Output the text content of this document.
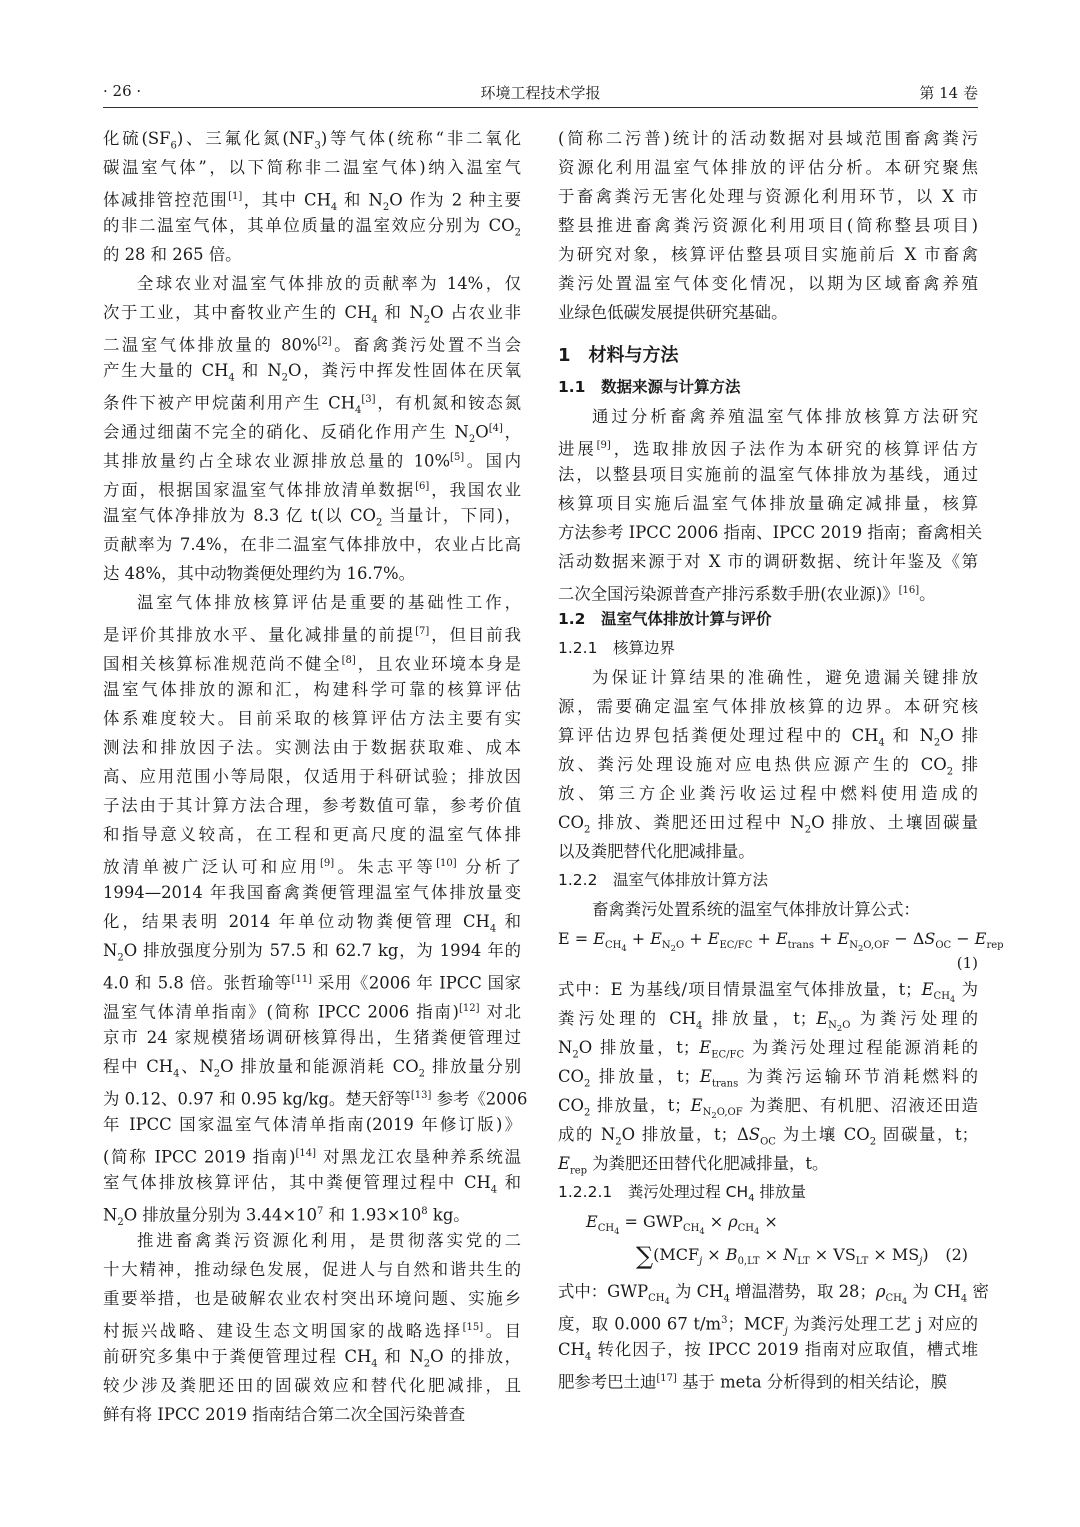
· 26 ·	环境工程技术学报	第 14 卷
化硫$(SF_6)$、三氟化氮$(NF_3)$等气体(统称“非二氧化
碳温室气体”，以下简称非二温室气体)纳入温室气
体减排管控范围[1]，其中 $CH_4$ 和 $N_2O$ 作为 2 种主要
的非二温室气体，其单位质量的温室效应分别为 $CO_2$
的 28 和 265 倍。
全球农业对温室气体排放的贡献率为 14%，仅
次于工业，其中畜牧业产生的 $CH_4$ 和 $N_2O$ 占农业非
二温室气体排放量的 80%[2]。畜禽粪污处置不当会
产生大量的 $CH_4$ 和 $N_2O$，粪污中挥发性固体在厌氧
条件下被产甲烷菌利用产生 $CH_4[3]$，有机氮和铵态氮
会通过细菌不完全的硝化、反硝化作用产生 $N_2O[4]$，
其排放量约占全球农业源排放总量的 10%[5]。国内
方面，根据国家温室气体排放清单数据[6]，我国农业
温室气体净排放为 8.3 亿 t(以 $CO_2$ 当量计，下同)，
贡献率为 7.4%，在非二温室气体排放中，农业占比高
达 48%，其中动物粪便处理约为 16.7%。
温室气体排放核算评估是重要的基础性工作，
是评价其排放水平、量化减排量的前提[7]，但目前我
国相关核算标准规范尚不健全[8]，且农业环境本身是
温室气体排放的源和汇，构建科学可靠的核算评估
体系难度较大。目前采取的核算评估方法主要有实
测法和排放因子法。实测法由于数据获取难、成本
高、应用范围小等局限，仅适用于科研试验；排放因
子法由于其计算方法合理，参考数值可靠，参考价值
和指导意义较高，在工程和更高尺度的温室气体排
放清单被广泛认可和应用[9]。朱志平等[10] 分析了
1994—2014 年我国畜禽粪便管理温室气体排放量变
化，结果表明 2014 年单位动物粪便管理 $CH_4$ 和
$N_2O$ 排放强度分别为 57.5 和 62.7 kg，为 1994 年的
4.0 和 5.8 倍。张哲瑜等[11] 采用《2006 年 IPCC 国家
温室气体清单指南》(简称 IPCC 2006 指南)[12] 对北
京市 24 家规模猪场调研核算得出，生猪粪便管理过
程中 $CH_4$、$N_2O$ 排放量和能源消耗 $CO_2$ 排放量分别
为 0.12、0.97 和 0.95 kg/kg。楚天舒等[13] 参考《2006
年 IPCC 国家温室气体清单指南(2019 年修订版)》
(简称 IPCC 2019 指南)[14] 对黑龙江农垦种养系统温
室气体排放核算评估，其中粪便管理过程中 $CH_4$ 和
$N_2O$ 排放量分别为 $3.44\times 10^7$ 和 $1.93\times 10^8$ kg。
推进畜禽粪污资源化利用，是贯彻落实党的二
十大精神，推动绿色发展，促进人与自然和谐共生的
重要举措，也是破解农业农村突出环境问题、实施乡
村振兴战略、建设生态文明国家的战略选择[15]。目
前研究多集中于粪便管理过程 $CH_4$ 和 $N_2O$ 的排放，
较少涉及粪肥还田的固碳效应和替代化肥减排，且
鲜有将 IPCC 2019 指南结合第二次全国污染普查
(简称二污普)统计的活动数据对县域范围畜禽粪污
资源化利用温室气体排放的评估分析。本研究聚焦
于畜禽粪污无害化处理与资源化利用环节，以 X 市
整县推进畜禽粪污资源化利用项目(简称整县项目)
为研究对象，核算评估整县项目实施前后 X 市畜禽
粪污处置温室气体变化情况，以期为区域畜禽养殖
业绿色低碳发展提供研究基础。
1　材料与方法
1.1　数据来源与计算方法
通过分析畜禽养殖温室气体排放核算方法研究
进展[9]，选取排放因子法作为本研究的核算评估方
法，以整县项目实施前的温室气体排放为基线，通过
核算项目实施后温室气体排放量确定减排量，核算
方法参考 IPCC 2006 指南、IPCC 2019 指南；畜禽相关
活动数据来源于对 X 市的调研数据、统计年鉴及《第
二次全国污染源普查产排污系数手册(农业源)》[16]。
1.2　温室气体排放计算与评价
1.2.1　核算边界
为保证计算结果的准确性，避免遗漏关键排放
源，需要确定温室气体排放核算的边界。本研究核
算评估边界包括粪便处理过程中的 $CH_4$ 和 $N_2O$ 排
放、粪污处理设施对应电热供应源产生的 $CO_2$ 排
放、第三方企业粪污收运过程中燃料使用造成的
$CO_2$ 排放、粪肥还田过程中 $N_2O$ 排放、土壤固碳量
以及粪肥替代化肥减排量。
1.2.2　温室气体排放计算方法
畜禽粪污处置系统的温室气体排放计算公式：
$E = E_{CH_4} + E_{N_2O} + E_{EC/FC} + E_{trans} + E_{N_2O,OF} - \Delta S_{OC} - E_{rep}$
(1)
式中：E 为基线/项目情景温室气体排放量，t；$E_{CH_4}$ 为
粪污处理的 $CH_4$ 排放量，t；$E_{N_2O}$ 为粪污处理的
$N_2O$ 排放量，t；$E_{EC/FC}$ 为粪污处理过程能源消耗的
$CO_2$ 排放量，t；$E_{trans}$ 为粪污运输环节消耗燃料的
$CO_2$ 排放量，t；$E_{N_2O,OF}$ 为粪肥、有机肥、沼液还田造
成的 $N_2O$ 排放量，t；$\Delta S_{OC}$ 为土壤 $CO_2$ 固碳量，t；
$E_{rep}$ 为粪肥还田替代化肥减排量，t。
1.2.2.1　粪污处理过程 $CH_4$ 排放量
$E_{CH_4} = GWP_{CH_4} \times \rho_{CH_4}$ ×
$\sum(MCF_j \times B_{0,LT} \times N_{LT} \times VS_{LT} \times MS_j)$ (2)
式中：$GWP_{CH_4}$ 为 $CH_4$ 增温潜势，取 28；$\rho_{CH_4}$ 为 $CH_4$ 密
度，取 0.000 67 $t/m^3$；$MCF_j$ 为粪污处理工艺 j 对应的
$CH_4$ 转化因子，按 IPCC 2019 指南对应取值，槽式堆
肥参考巴土迪[17] 基于 meta 分析得到的相关结论，膜
